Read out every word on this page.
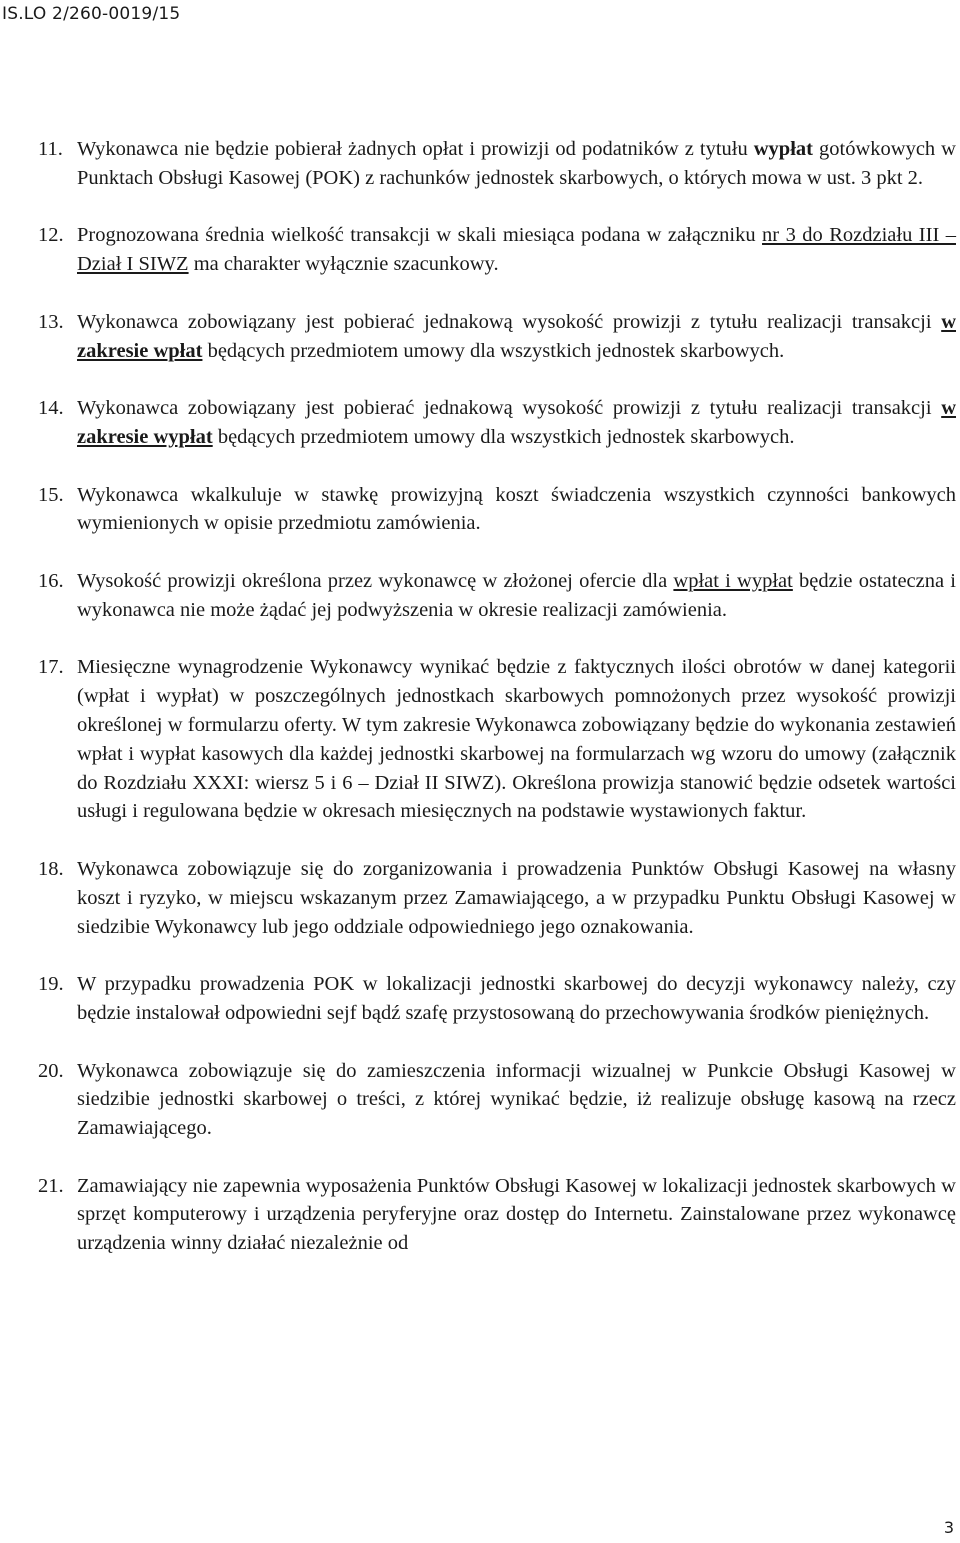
IS.LO 2/260-0019/15
11. Wykonawca nie będzie pobierał żadnych opłat i prowizji od podatników z tytułu wypłat gotówkowych w Punktach Obsługi Kasowej (POK) z rachunków jednostek skarbowych, o których mowa w ust. 3 pkt 2.
12. Prognozowana średnia wielkość transakcji w skali miesiąca podana w załączniku nr 3 do Rozdziału III – Dział I SIWZ ma charakter wyłącznie szacunkowy.
13. Wykonawca zobowiązany jest pobierać jednakową wysokość prowizji z tytułu realizacji transakcji w zakresie wpłat będących przedmiotem umowy dla wszystkich jednostek skarbowych.
14. Wykonawca zobowiązany jest pobierać jednakową wysokość prowizji z tytułu realizacji transakcji w zakresie wypłat będących przedmiotem umowy dla wszystkich jednostek skarbowych.
15. Wykonawca wkalkuluje w stawkę prowizyjną koszt świadczenia wszystkich czynności bankowych wymienionych w opisie przedmiotu zamówienia.
16. Wysokość prowizji określona przez wykonawcę w złożonej ofercie dla wpłat i wypłat będzie ostateczna i wykonawca nie może żądać jej podwyższenia w okresie realizacji zamówienia.
17. Miesięczne wynagrodzenie Wykonawcy wynikać będzie z faktycznych ilości obrotów w danej kategorii (wpłat i wypłat) w poszczególnych jednostkach skarbowych pomnożonych przez wysokość prowizji określonej w formularzu oferty. W tym zakresie Wykonawca zobowiązany będzie do wykonania zestawień wpłat i wypłat kasowych dla każdej jednostki skarbowej na formularzach wg wzoru do umowy (załącznik do Rozdziału XXXI: wiersz 5 i 6 – Dział II SIWZ). Określona prowizja stanowić będzie odsetek wartości usługi i regulowana będzie w okresach miesięcznych na podstawie wystawionych faktur.
18. Wykonawca zobowiązuje się do zorganizowania i prowadzenia Punktów Obsługi Kasowej na własny koszt i ryzyko, w miejscu wskazanym przez Zamawiającego, a w przypadku Punktu Obsługi Kasowej w siedzibie Wykonawcy lub jego oddziale odpowiedniego jego oznakowania.
19. W przypadku prowadzenia POK w lokalizacji jednostki skarbowej do decyzji wykonawcy należy, czy będzie instalował odpowiedni sejf bądź szafę przystosowaną do przechowywania środków pieniężnych.
20. Wykonawca zobowiązuje się do zamieszczenia informacji wizualnej w Punkcie Obsługi Kasowej w siedzibie jednostki skarbowej o treści, z której wynikać będzie, iż realizuje obsługę kasową na rzecz Zamawiającego.
21. Zamawiający nie zapewnia wyposażenia Punktów Obsługi Kasowej w lokalizacji jednostek skarbowych w sprzęt komputerowy i urządzenia peryferyjne oraz dostęp do Internetu. Zainstalowane przez wykonawcę urządzenia winny działać niezależnie od
3
